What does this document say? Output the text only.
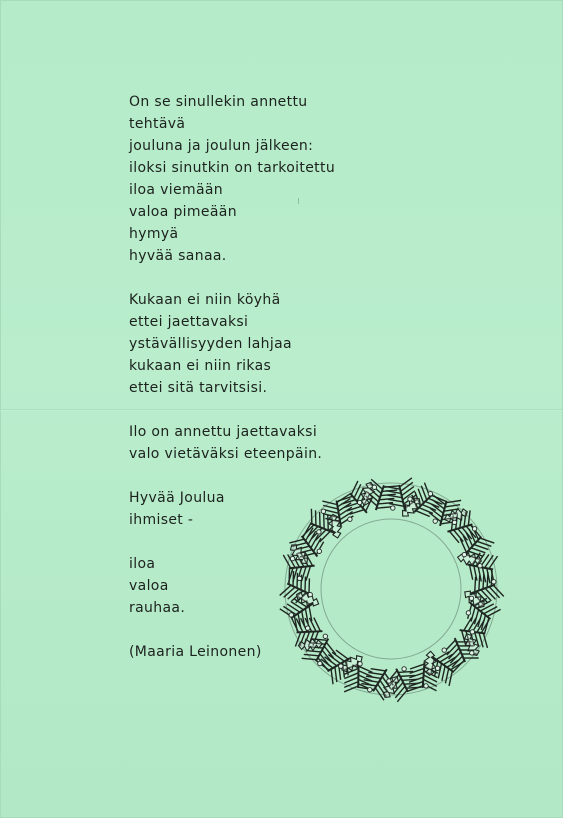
On se sinullekin annettu
tehtävä
jouluna ja joulun jälkeen:
iloksi sinutkin on tarkoitettu
iloa viemään
valoa pimeään
hymyä
hyvää sanaa.
Kukaan ei niin köyhä
ettei jaettavaksi
ystävällisyyden lahjaa
kukaan ei niin rikas
ettei sitä tarvitsisi.
Ilo on annettu jaettavaksi
valo vietäväksi eteenpäin.
Hyvää Joulua
ihmiset -
iloa
valoa
rauhaa.
(Maaria Leinonen)
